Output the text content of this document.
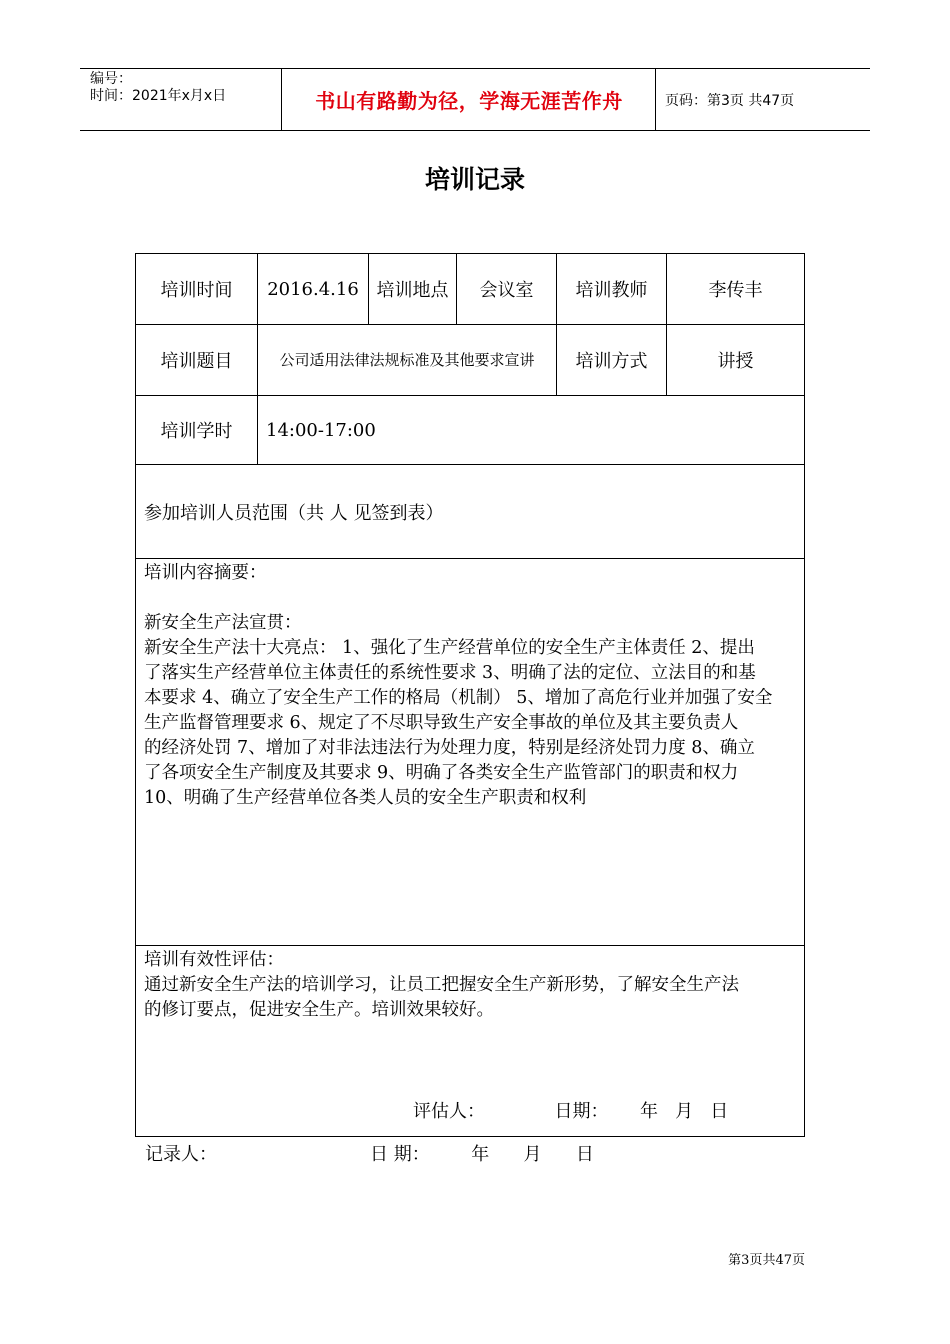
编号：
时间：2021年x月x日	书山有路勤为径，学海无涯苦作舟	页码：第3页 共47页
培训记录
培训时间	2016.4.16 培训地点	会议室	培训教师	李传丰
培训题目	公司适用法律法规标准及其他要求宣讲	培训方式	讲授
培训学时	14:00-17:00
参加培训人员范围（共 人 见签到表）
培训内容摘要：
新安全生产法宣贯：
新安全生产法十大亮点： 1、强化了生产经营单位的安全生产主体责任 2、提出
了落实生产经营单位主体责任的系统性要求 3、明确了法的定位、立法目的和基
本要求 4、确立了安全生产工作的格局（机制） 5、增加了高危行业并加强了安全
生产监督管理要求 6、规定了不尽职导致生产安全事故的单位及其主要负责人
的经济处罚 7、增加了对非法违法行为处理力度，特别是经济处罚力度 8、确立
了各项安全生产制度及其要求 9、明确了各类安全生产监管部门的职责和权力
10、明确了生产经营单位各类人员的安全生产职责和权利
培训有效性评估：
通过新安全生产法的培训学习，让员工把握安全生产新形势，了解安全生产法
的修订要点，促进安全生产。培训效果较好。
评估人：	日期： 年   月   日
记录人：	日 期： 年      月      日
第3页共47页
